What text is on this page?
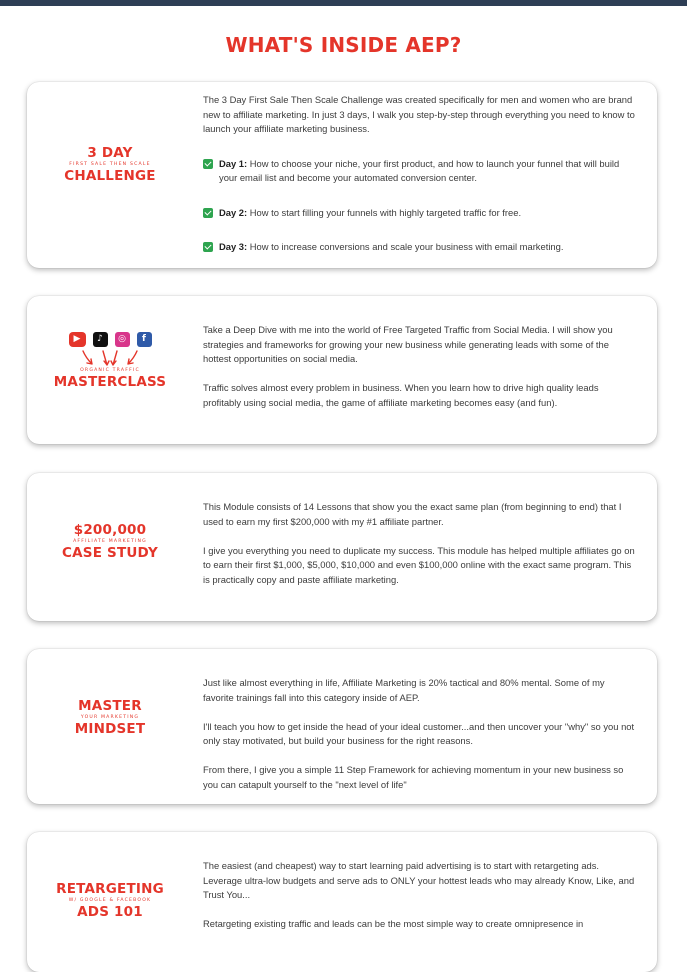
WHAT'S INSIDE AEP?
3 DAY
FIRST SALE THEN SCALE
CHALLENGE

The 3 Day First Sale Then Scale Challenge was created specifically for men and women who are brand new to affiliate marketing. In just 3 days, I walk you step-by-step through everything you need to know to launch your affiliate marketing business.

Day 1: How to choose your niche, your first product, and how to launch your funnel that will build your email list and become your automated conversion center.
Day 2: How to start filling your funnels with highly targeted traffic for free.
Day 3: How to increase conversions and scale your business with email marketing.
▶	♪	◎	f
ORGANIC TRAFFIC
MASTERCLASS

Take a Deep Dive with me into the world of Free Targeted Traffic from Social Media. I will show you strategies and frameworks for growing your new business while generating leads with some of the hottest opportunities on social media.

Traffic solves almost every problem in business. When you learn how to drive high quality leads profitably using social media, the game of affiliate marketing becomes easy (and fun).

$200,000
AFFILIATE MARKETING
CASE STUDY

This Module consists of 14 Lessons that show you the exact same plan (from beginning to end) that I used to earn my first $200,000 with my #1 affiliate partner.

I give you everything you need to duplicate my success. This module has helped multiple affiliates go on to earn their first $1,000, $5,000, $10,000 and even $100,000 online with the exact same program. This is practically copy and paste affiliate marketing.

MASTER
YOUR MARKETING
MINDSET

Just like almost everything in life, Affiliate Marketing is 20% tactical and 80% mental. Some of my favorite trainings fall into this category inside of AEP.

I'll teach you how to get inside the head of your ideal customer...and then uncover your "why" so you not only stay motivated, but build your business for the right reasons.

From there, I give you a simple 11 Step Framework for achieving momentum in your new business so you can catapult yourself to the "next level of life"

RETARGETING
W/ GOOGLE & FACEBOOK
ADS 101

The easiest (and cheapest) way to start learning paid advertising is to start with retargeting ads. Leverage ultra-low budgets and serve ads to ONLY your hottest leads who may already Know, Like, and Trust You...

Retargeting existing traffic and leads can be the most simple way to create omnipresence in
